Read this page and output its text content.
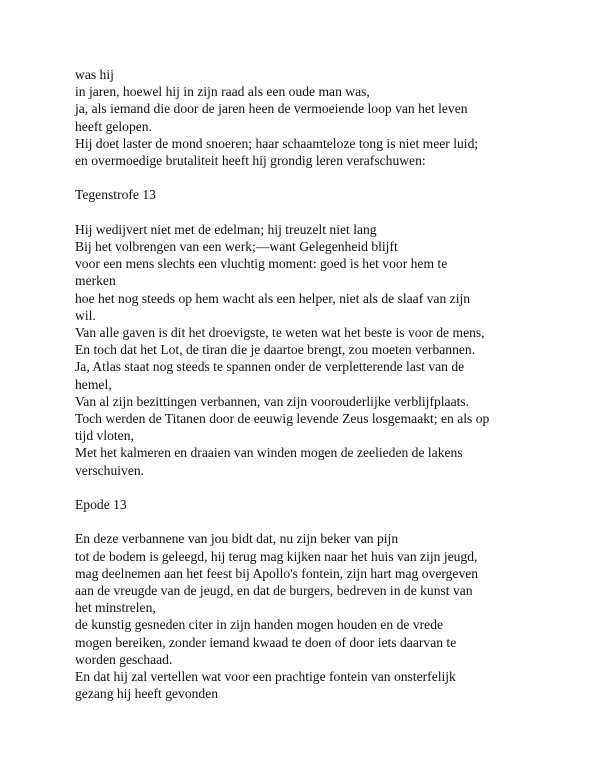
was hij
in jaren, hoewel hij in zijn raad als een oude man was,
ja, als iemand die door de jaren heen de vermoeiende loop van het leven
heeft gelopen.
Hij doet laster de mond snoeren; haar schaamteloze tong is niet meer luid;
en overmoedige brutaliteit heeft hij grondig leren verafschuwen:
Tegenstrofe 13
Hij wedijvert niet met de edelman; hij treuzelt niet lang
Bij het volbrengen van een werk;—want Gelegenheid blijft
voor een mens slechts een vluchtig moment: goed is het voor hem te
merken
hoe het nog steeds op hem wacht als een helper, niet als de slaaf van zijn
wil.
Van alle gaven is dit het droevigste, te weten wat het beste is voor de mens,
En toch dat het Lot, de tiran die je daartoe brengt, zou moeten verbannen.
Ja, Atlas staat nog steeds te spannen onder de verpletterende last van de
hemel,
Van al zijn bezittingen verbannen, van zijn voorouderlijke verblijfplaats.
Toch werden de Titanen door de eeuwig levende Zeus losgemaakt; en als op
tijd vloten,
Met het kalmeren en draaien van winden mogen de zeelieden de lakens
verschuiven.
Epode 13
En deze verbannene van jou bidt dat, nu zijn beker van pijn
tot de bodem is geleegd, hij terug mag kijken naar het huis van zijn jeugd,
mag deelnemen aan het feest bij Apollo's fontein, zijn hart mag overgeven
aan de vreugde van de jeugd, en dat de burgers, bedreven in de kunst van
het minstrelen,
de kunstig gesneden citer in zijn handen mogen houden en de vrede
mogen bereiken, zonder iemand kwaad te doen of door iets daarvan te
worden geschaad.
En dat hij zal vertellen wat voor een prachtige fontein van onsterfelijk
gezang hij heeft gevonden
